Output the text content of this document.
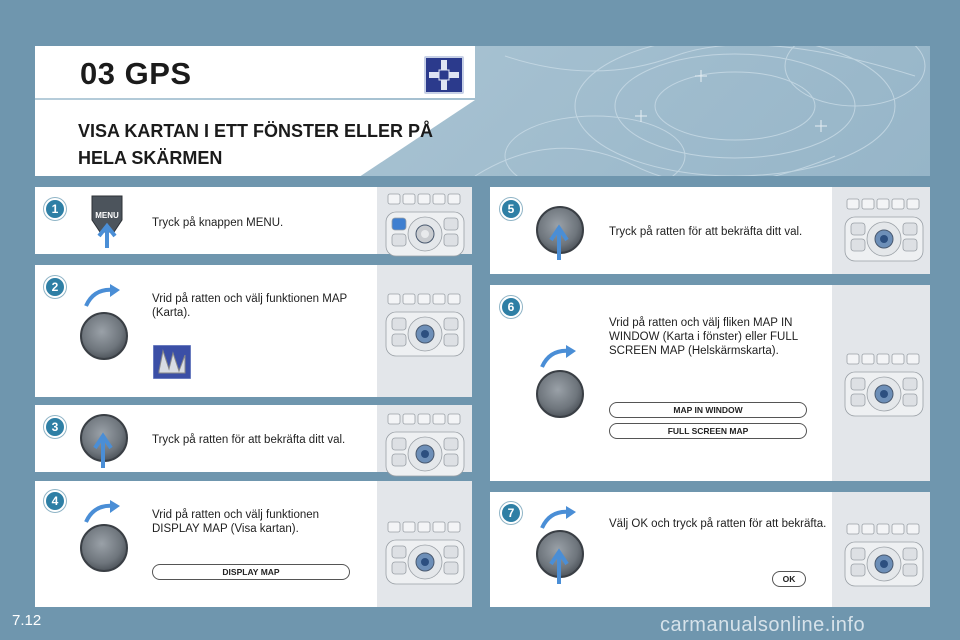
03 GPS
VISA KARTAN I ETT FÖNSTER ELLER PÅ HELA SKÄRMEN
1	MENU
Tryck på knappen MENU.
2
Vrid på ratten och välj funktionen MAP (Karta).
3
Tryck på ratten för att bekräfta ditt val.
4
Vrid på ratten och välj funktionen DISPLAY MAP (Visa kartan).
DISPLAY MAP
5
Tryck på ratten för att bekräfta ditt val.
6
Vrid på ratten och välj fliken MAP IN WINDOW (Karta i fönster) eller FULL SCREEN MAP (Helskärmskarta).
MAP IN WINDOW
FULL SCREEN MAP
7
Välj OK och tryck på ratten för att bekräfta.
OK
7.12	carmanualsonline.info
